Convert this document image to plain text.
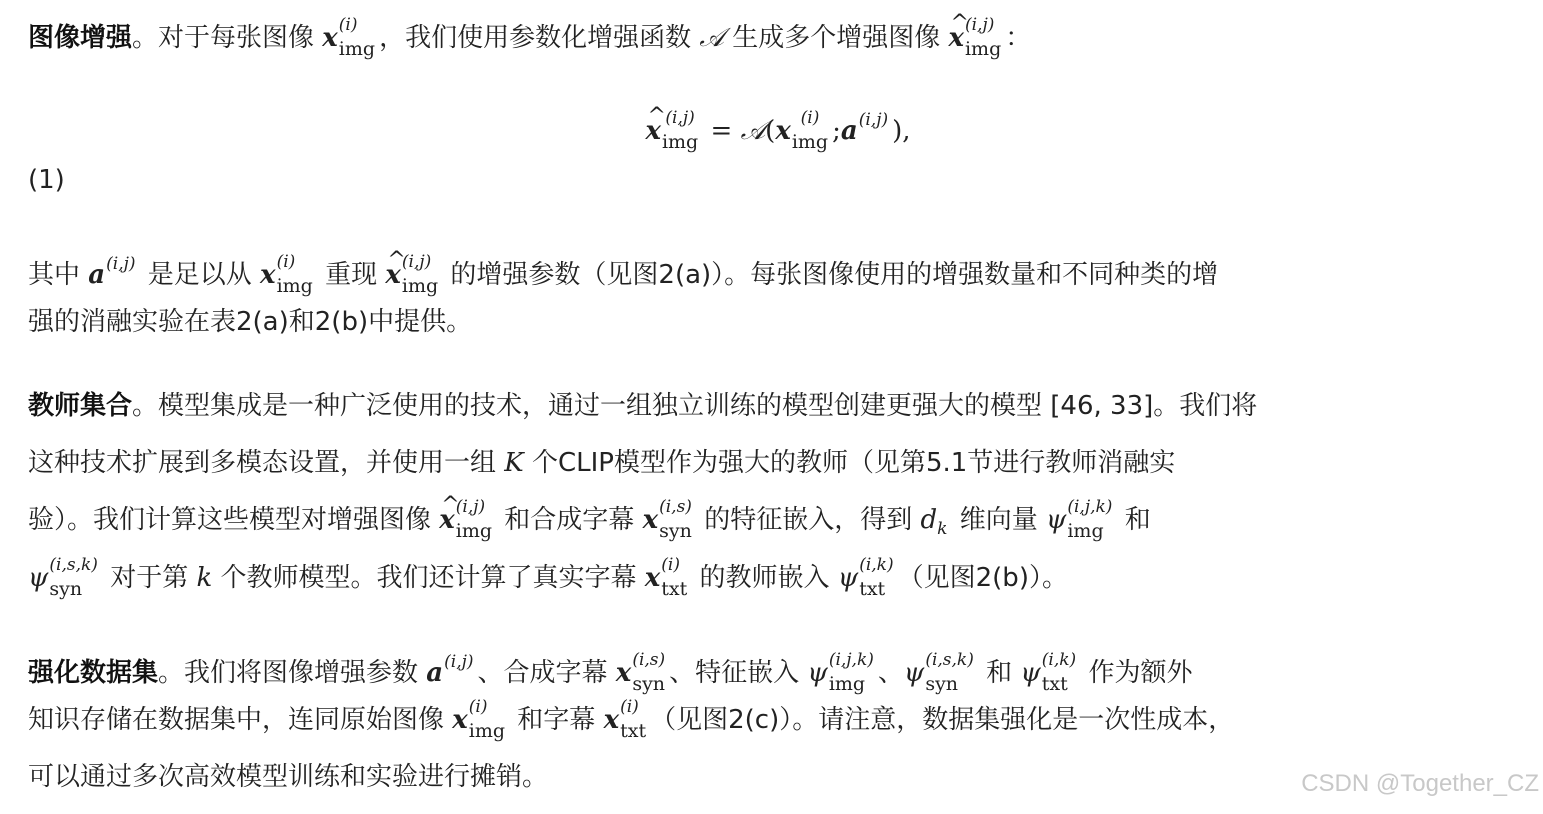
图像增强。对于每张图像 x (i)
img ，我们使用参数化增强函数 𝒜 生成多个增强图像 ^ x (i,j)
img ：
^ x (i,j)
img = 𝒜(x (i)
img $;a^{(i,j)}$ ),
(1)
其中 $a^{(i,j)}$ 是足以从 x (i)
img 重现 ^ x (i,j)
img 的增强参数（见图2(a)）。每张图像使用的增强数量和不同种类的增
强的消融实验在表2(a)和2(b)中提供。
教师集合。模型集成是一种广泛使用的技术，通过一组独立训练的模型创建更强大的模型 [46, 33]。我们将
这种技术扩展到多模态设置，并使用一组 K 个CLIP模型作为强大的教师（见第5.1节进行教师消融实
验）。我们计算这些模型对增强图像 ^ x (i,j)
img 和合成字幕 x (i,s)
syn 的特征嵌入，得到 $d_k$ 维向量 ψ (i,j,k)
img 和
ψ (i,s,k)
syn 对于第 k 个教师模型。我们还计算了真实字幕 x (i)
txt 的教师嵌入 ψ (i,k)
txt （见图2(b)）。
强化数据集。我们将图像增强参数 $a^{(i,j)}$ 、合成字幕 x (i,s)
syn 、特征嵌入 ψ (i,j,k)
img 、ψ (i,s,k)
syn 和 ψ (i,k)
txt 作为额外
知识存储在数据集中，连同原始图像 x (i)
img 和字幕 x (i)
txt （见图2(c)）。请注意，数据集强化是一次性成本，
可以通过多次高效模型训练和实验进行摊销。	CSDN @Together_CZ
